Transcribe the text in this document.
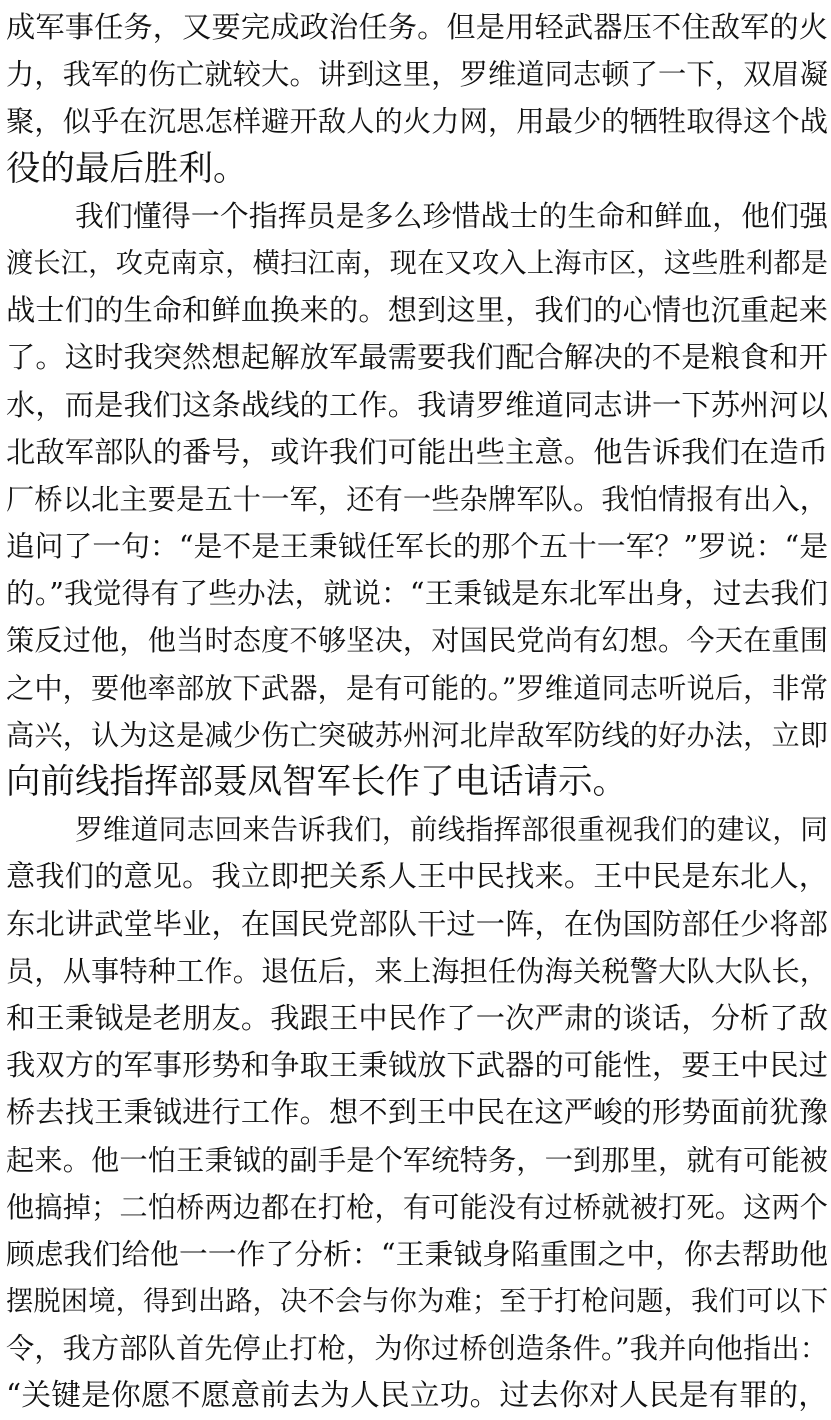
成军事任务，又要完成政治任务。但是用轻武器压不住敌军的火

力，我军的伤亡就较大。讲到这里，罗维道同志顿了一下，双眉凝

聚，似乎在沉思怎样避开敌人的火力网，用最少的牺牲取得这个战

役的最后胜利。

我们懂得一个指挥员是多么珍惜战士的生命和鲜血，他们强

渡长江，攻克南京，横扫江南，现在又攻入上海市区，这些胜利都是

战士们的生命和鲜血换来的。想到这里，我们的心情也沉重起来

了。这时我突然想起解放军最需要我们配合解决的不是粮食和开

水，而是我们这条战线的工作。我请罗维道同志讲一下苏州河以

北敌军部队的番号，或许我们可能出些主意。他告诉我们在造币

厂桥以北主要是五十一军，还有一些杂牌军队。我怕情报有出入，

追问了一句：“是不是王秉钺任军长的那个五十一军？”罗说：“是

的。”我觉得有了些办法，就说：“王秉钺是东北军出身，过去我们

策反过他，他当时态度不够坚决，对国民党尚有幻想。今天在重围

之中，要他率部放下武器，是有可能的。”罗维道同志听说后，非常

高兴，认为这是减少伤亡突破苏州河北岸敌军防线的好办法，立即

向前线指挥部聂凤智军长作了电话请示。

罗维道同志回来告诉我们，前线指挥部很重视我们的建议，同

意我们的意见。我立即把关系人王中民找来。王中民是东北人，

东北讲武堂毕业，在国民党部队干过一阵，在伪国防部任少将部

员，从事特种工作。退伍后，来上海担任伪海关税警大队大队长，

和王秉钺是老朋友。我跟王中民作了一次严肃的谈话，分析了敌

我双方的军事形势和争取王秉钺放下武器的可能性，要王中民过

桥去找王秉钺进行工作。想不到王中民在这严峻的形势面前犹豫

起来。他一怕王秉钺的副手是个军统特务，一到那里，就有可能被

他搞掉；二怕桥两边都在打枪，有可能没有过桥就被打死。这两个

顾虑我们给他一一作了分析：“王秉钺身陷重围之中，你去帮助他

摆脱困境，得到出路，决不会与你为难；至于打枪问题，我们可以下

令，我方部队首先停止打枪，为你过桥创造条件。”我并向他指出：

“关键是你愿不愿意前去为人民立功。过去你对人民是有罪的，
